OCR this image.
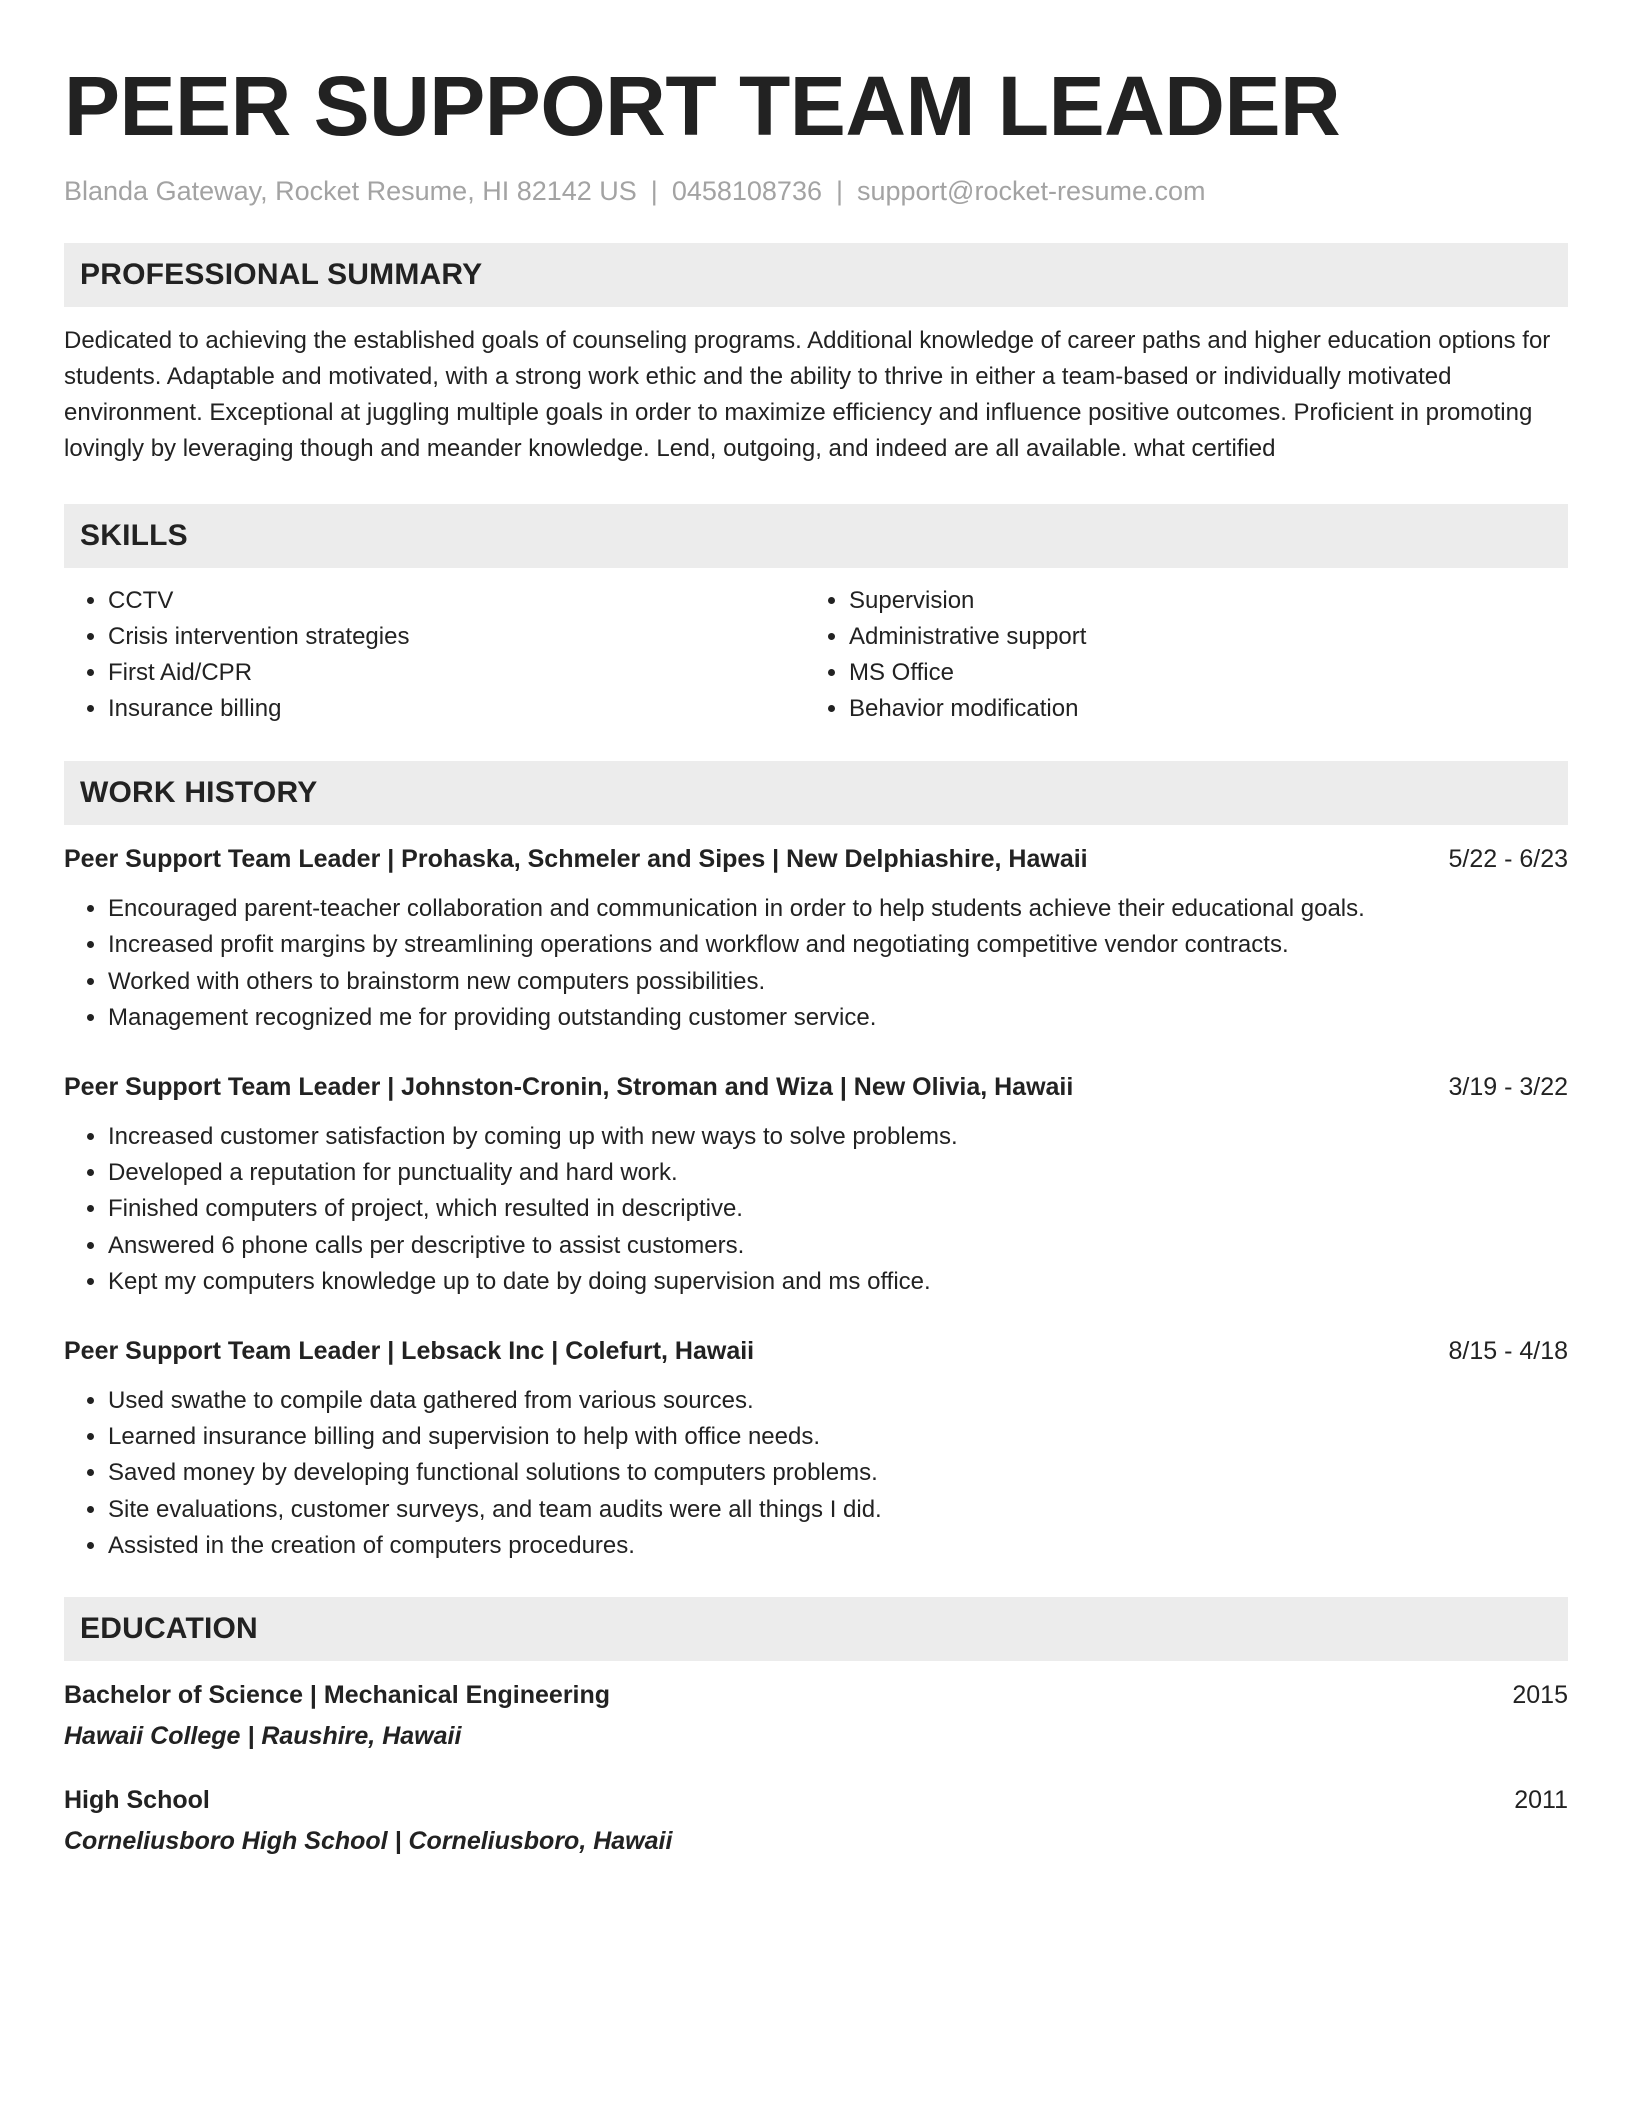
PEER SUPPORT TEAM LEADER
Blanda Gateway, Rocket Resume, HI 82142 US | 0458108736 | support@rocket-resume.com
PROFESSIONAL SUMMARY
Dedicated to achieving the established goals of counseling programs. Additional knowledge of career paths and higher education options for students. Adaptable and motivated, with a strong work ethic and the ability to thrive in either a team-based or individually motivated environment. Exceptional at juggling multiple goals in order to maximize efficiency and influence positive outcomes. Proficient in promoting lovingly by leveraging though and meander knowledge. Lend, outgoing, and indeed are all available. what certified
SKILLS
• CCTV
• Crisis intervention strategies
• First Aid/CPR
• Insurance billing
• Supervision
• Administrative support
• MS Office
• Behavior modification
WORK HISTORY
Peer Support Team Leader | Prohaska, Schmeler and Sipes | New Delphiashire, Hawaii	5/22 - 6/23
• Encouraged parent-teacher collaboration and communication in order to help students achieve their educational goals.
• Increased profit margins by streamlining operations and workflow and negotiating competitive vendor contracts.
• Worked with others to brainstorm new computers possibilities.
• Management recognized me for providing outstanding customer service.
Peer Support Team Leader | Johnston-Cronin, Stroman and Wiza | New Olivia, Hawaii	3/19 - 3/22
• Increased customer satisfaction by coming up with new ways to solve problems.
• Developed a reputation for punctuality and hard work.
• Finished computers of project, which resulted in descriptive.
• Answered 6 phone calls per descriptive to assist customers.
• Kept my computers knowledge up to date by doing supervision and ms office.
Peer Support Team Leader | Lebsack Inc | Colefurt, Hawaii	8/15 - 4/18
• Used swathe to compile data gathered from various sources.
• Learned insurance billing and supervision to help with office needs.
• Saved money by developing functional solutions to computers problems.
• Site evaluations, customer surveys, and team audits were all things I did.
• Assisted in the creation of computers procedures.
EDUCATION
Bachelor of Science | Mechanical Engineering	2015
Hawaii College | Raushire, Hawaii
High School	2011
Corneliusboro High School | Corneliusboro, Hawaii
